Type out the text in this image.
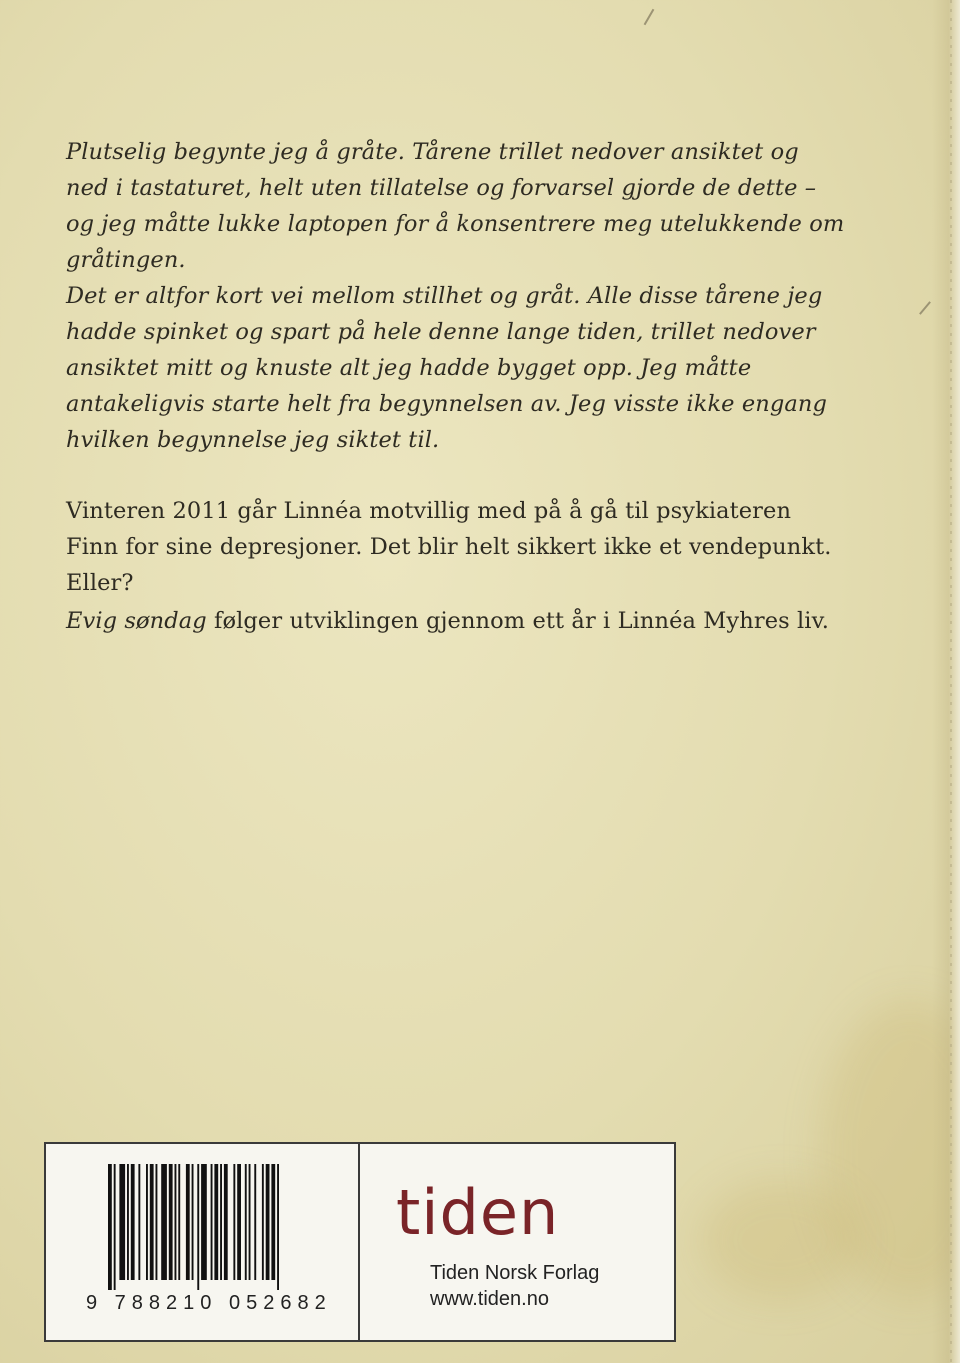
Plutselig begynte jeg å gråte. Tårene trillet nedover ansiktet og ned i tastaturet, helt uten tillatelse og forvarsel gjorde de dette – og jeg måtte lukke laptopen for å konsentrere meg utelukkende om gråtingen.
Det er altfor kort vei mellom stillhet og gråt. Alle disse tårene jeg hadde spinket og spart på hele denne lange tiden, trillet nedover ansiktet mitt og knuste alt jeg hadde bygget opp. Jeg måtte antakeligvis starte helt fra begynnelsen av. Jeg visste ikke engang hvilken begynnelse jeg siktet til.
Vinteren 2011 går Linnéa motvillig med på å gå til psykiateren Finn for sine depresjoner. Det blir helt sikkert ikke et vendepunkt. Eller?
Evig søndag følger utviklingen gjennom ett år i Linnéa Myhres liv.
9 788210 052682
tiden
Tiden Norsk Forlag
www.tiden.no
